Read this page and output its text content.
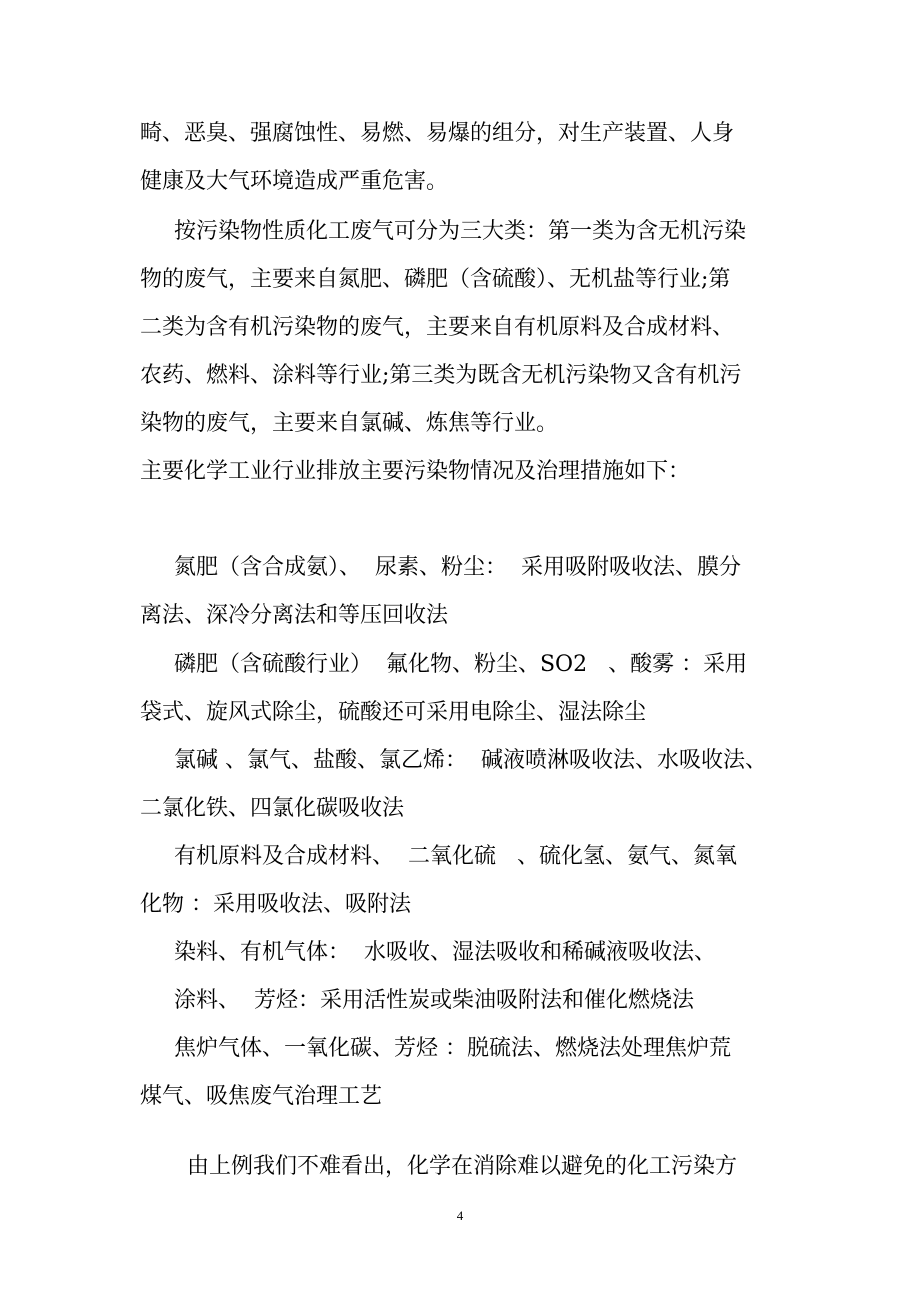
畸、恶臭、强腐蚀性、易燃、易爆的组分，对生产装置、人身
健康及大气环境造成严重危害。
按污染物性质化工废气可分为三大类：第一类为含无机污染
物的废气，主要来自氮肥、磷肥（含硫酸）、无机盐等行业;第
二类为含有机污染物的废气，主要来自有机原料及合成材料、
农药、燃料、涂料等行业;第三类为既含无机污染物又含有机污
染物的废气，主要来自氯碱、炼焦等行业。
主要化学工业行业排放主要污染物情况及治理措施如下：
氮肥（含合成氨）、  尿素、粉尘：  采用吸附吸收法、膜分
离法、深冷分离法和等压回收法
磷肥（含硫酸行业）  氟化物、粉尘、SO2   、酸雾 ：采用
袋式、旋风式除尘，硫酸还可采用电除尘、湿法除尘
氯碱 、氯气、盐酸、氯乙烯：  碱液喷淋吸收法、水吸收法、
二氯化铁、四氯化碳吸收法
有机原料及合成材料、  二氧化硫   、硫化氢、氨气、氮氧
化物 ：采用吸收法、吸附法
染料、有机气体：  水吸收、湿法吸收和稀碱液吸收法、
涂料、  芳烃：采用活性炭或柴油吸附法和催化燃烧法
焦炉气体、一氧化碳、芳烃 ：脱硫法、燃烧法处理焦炉荒
煤气、吸焦废气治理工艺
由上例我们不难看出，化学在消除难以避免的化工污染方
4
